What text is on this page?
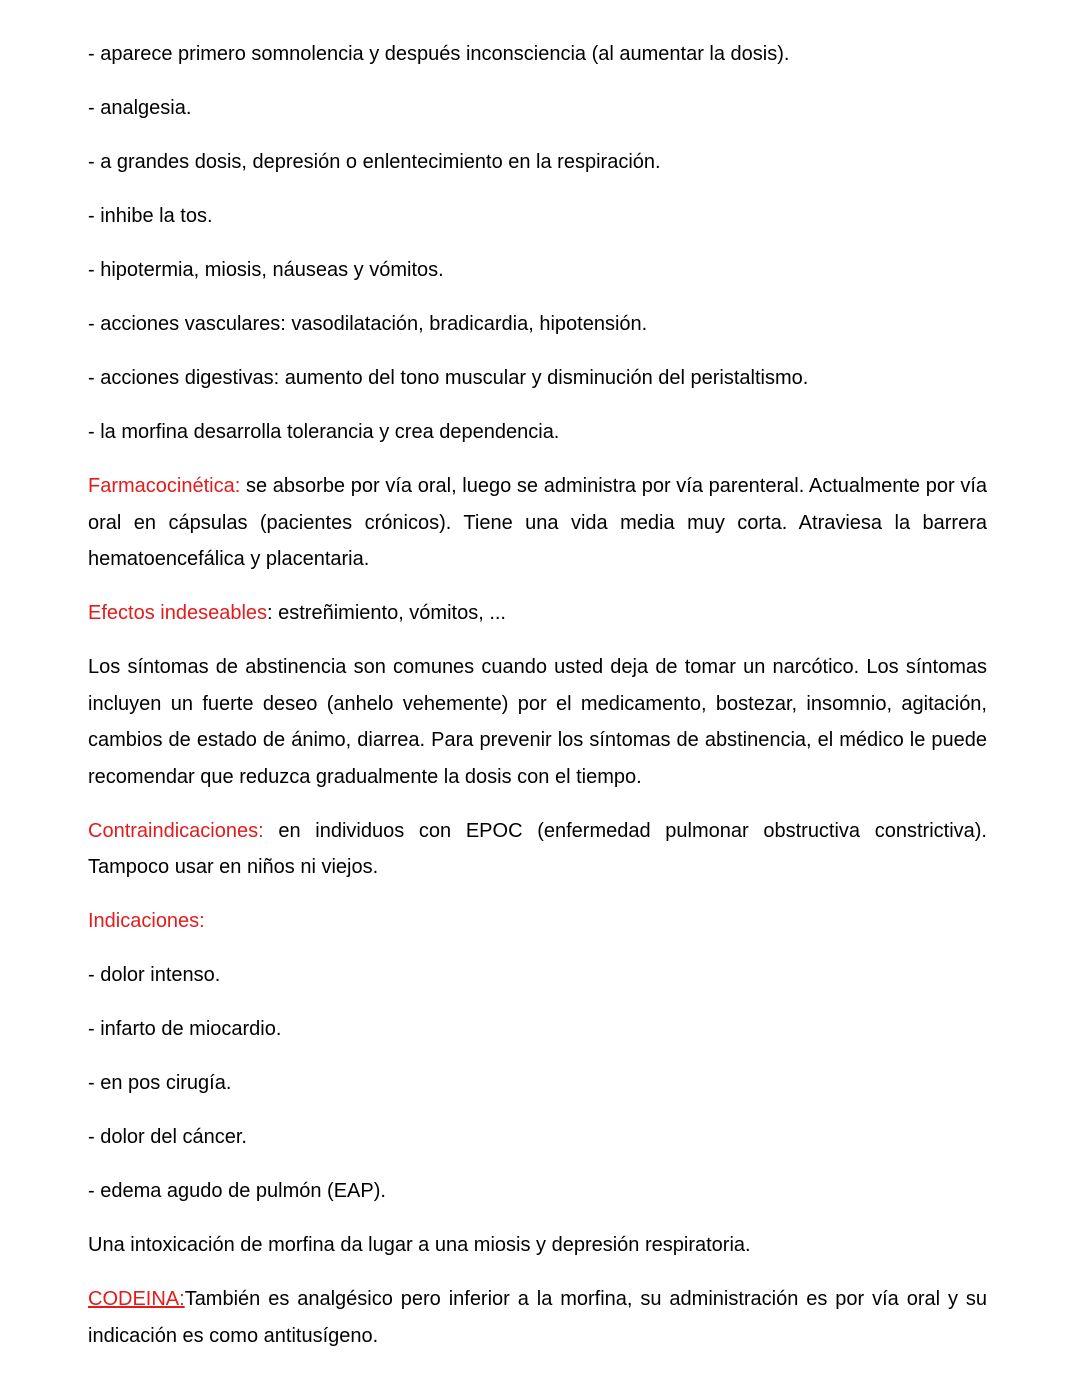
- aparece primero somnolencia y después inconsciencia (al aumentar la dosis).

- analgesia.

- a grandes dosis, depresión o enlentecimiento en la respiración.

- inhibe la tos.

- hipotermia, miosis, náuseas y vómitos.

- acciones vasculares: vasodilatación, bradicardia, hipotensión.

- acciones digestivas: aumento del tono muscular y disminución del peristaltismo.

- la morfina desarrolla tolerancia y crea dependencia.

Farmacocinética: se absorbe por vía oral, luego se administra por vía parenteral. Actualmente por vía oral en cápsulas (pacientes crónicos). Tiene una vida media muy corta. Atraviesa la barrera hematoencefálica y placentaria.

Efectos indeseables: estreñimiento, vómitos, ...

Los síntomas de abstinencia son comunes cuando usted deja de tomar un narcótico. Los síntomas incluyen un fuerte deseo (anhelo vehemente) por el medicamento, bostezar, insomnio, agitación, cambios de estado de ánimo, diarrea. Para prevenir los síntomas de abstinencia, el médico le puede recomendar que reduzca gradualmente la dosis con el tiempo.

Contraindicaciones: en individuos con EPOC (enfermedad pulmonar obstructiva constrictiva). Tampoco usar en niños ni viejos.

Indicaciones:

- dolor intenso.

- infarto de miocardio.

- en pos cirugía.

- dolor del cáncer.

- edema agudo de pulmón (EAP).

Una intoxicación de morfina da lugar a una miosis y depresión respiratoria.

CODEINA:También es analgésico pero inferior a la morfina, su administración es por vía oral y su indicación es como antitusígeno.
